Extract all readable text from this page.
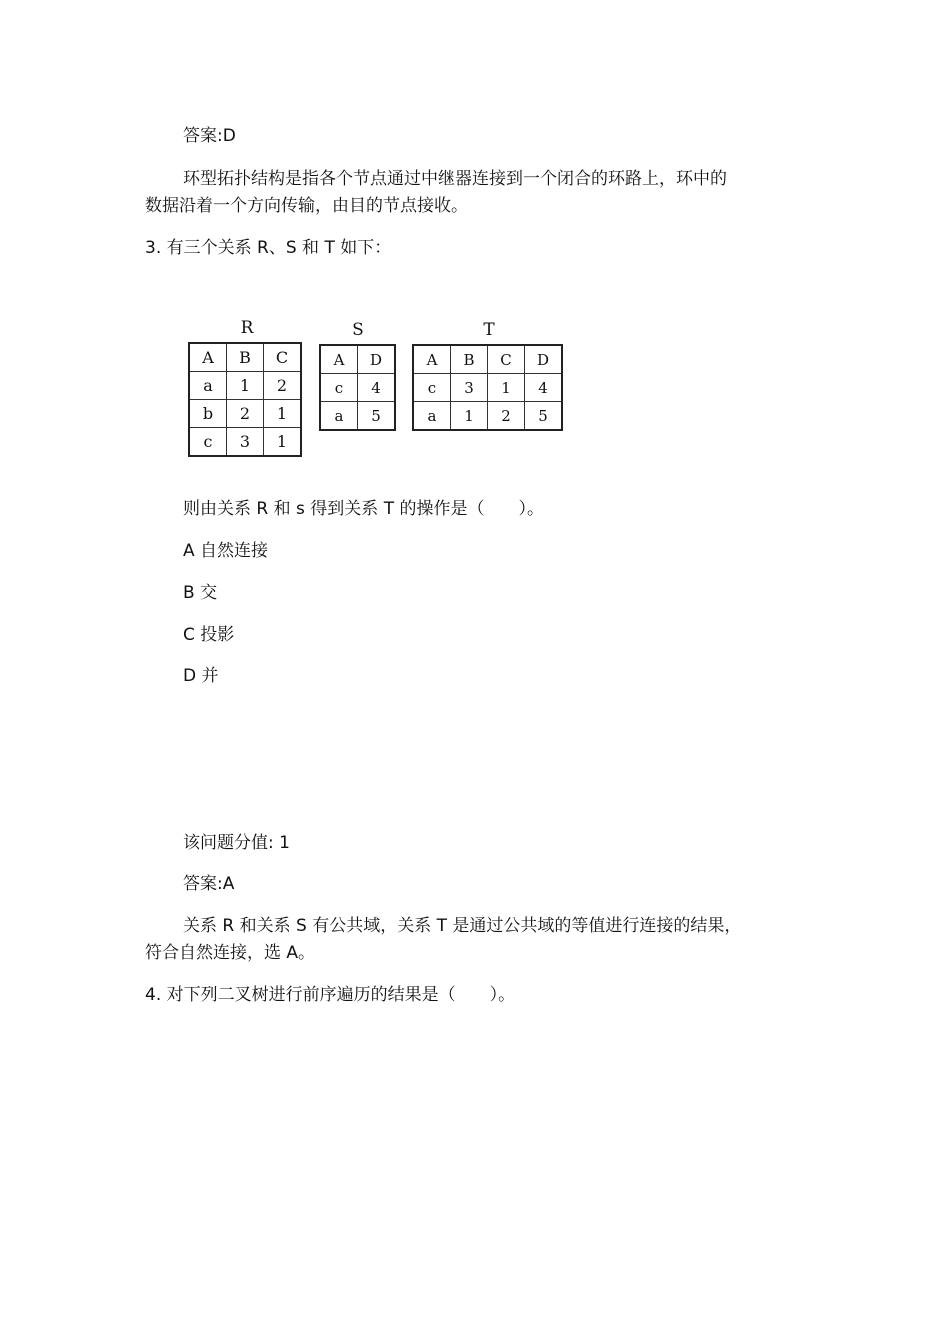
答案:D
环型拓扑结构是指各个节点通过中继器连接到一个闭合的环路上，环中的
数据沿着一个方向传输，由目的节点接收。
3. 有三个关系 R、S 和 T 如下：
R
A	B	C
a	1	2
b	2	1
c	3	1
S
A	D
c	4
a	5
T
A	B	C	D
c	3	1	4
a	1	2	5
则由关系 R 和 s 得到关系 T 的操作是（　　）。
A 自然连接
B 交
C 投影
D 并
该问题分值: 1
答案:A
关系 R 和关系 S 有公共域，关系 T 是通过公共域的等值进行连接的结果，
符合自然连接，选 A。
4. 对下列二叉树进行前序遍历的结果是（　　）。
